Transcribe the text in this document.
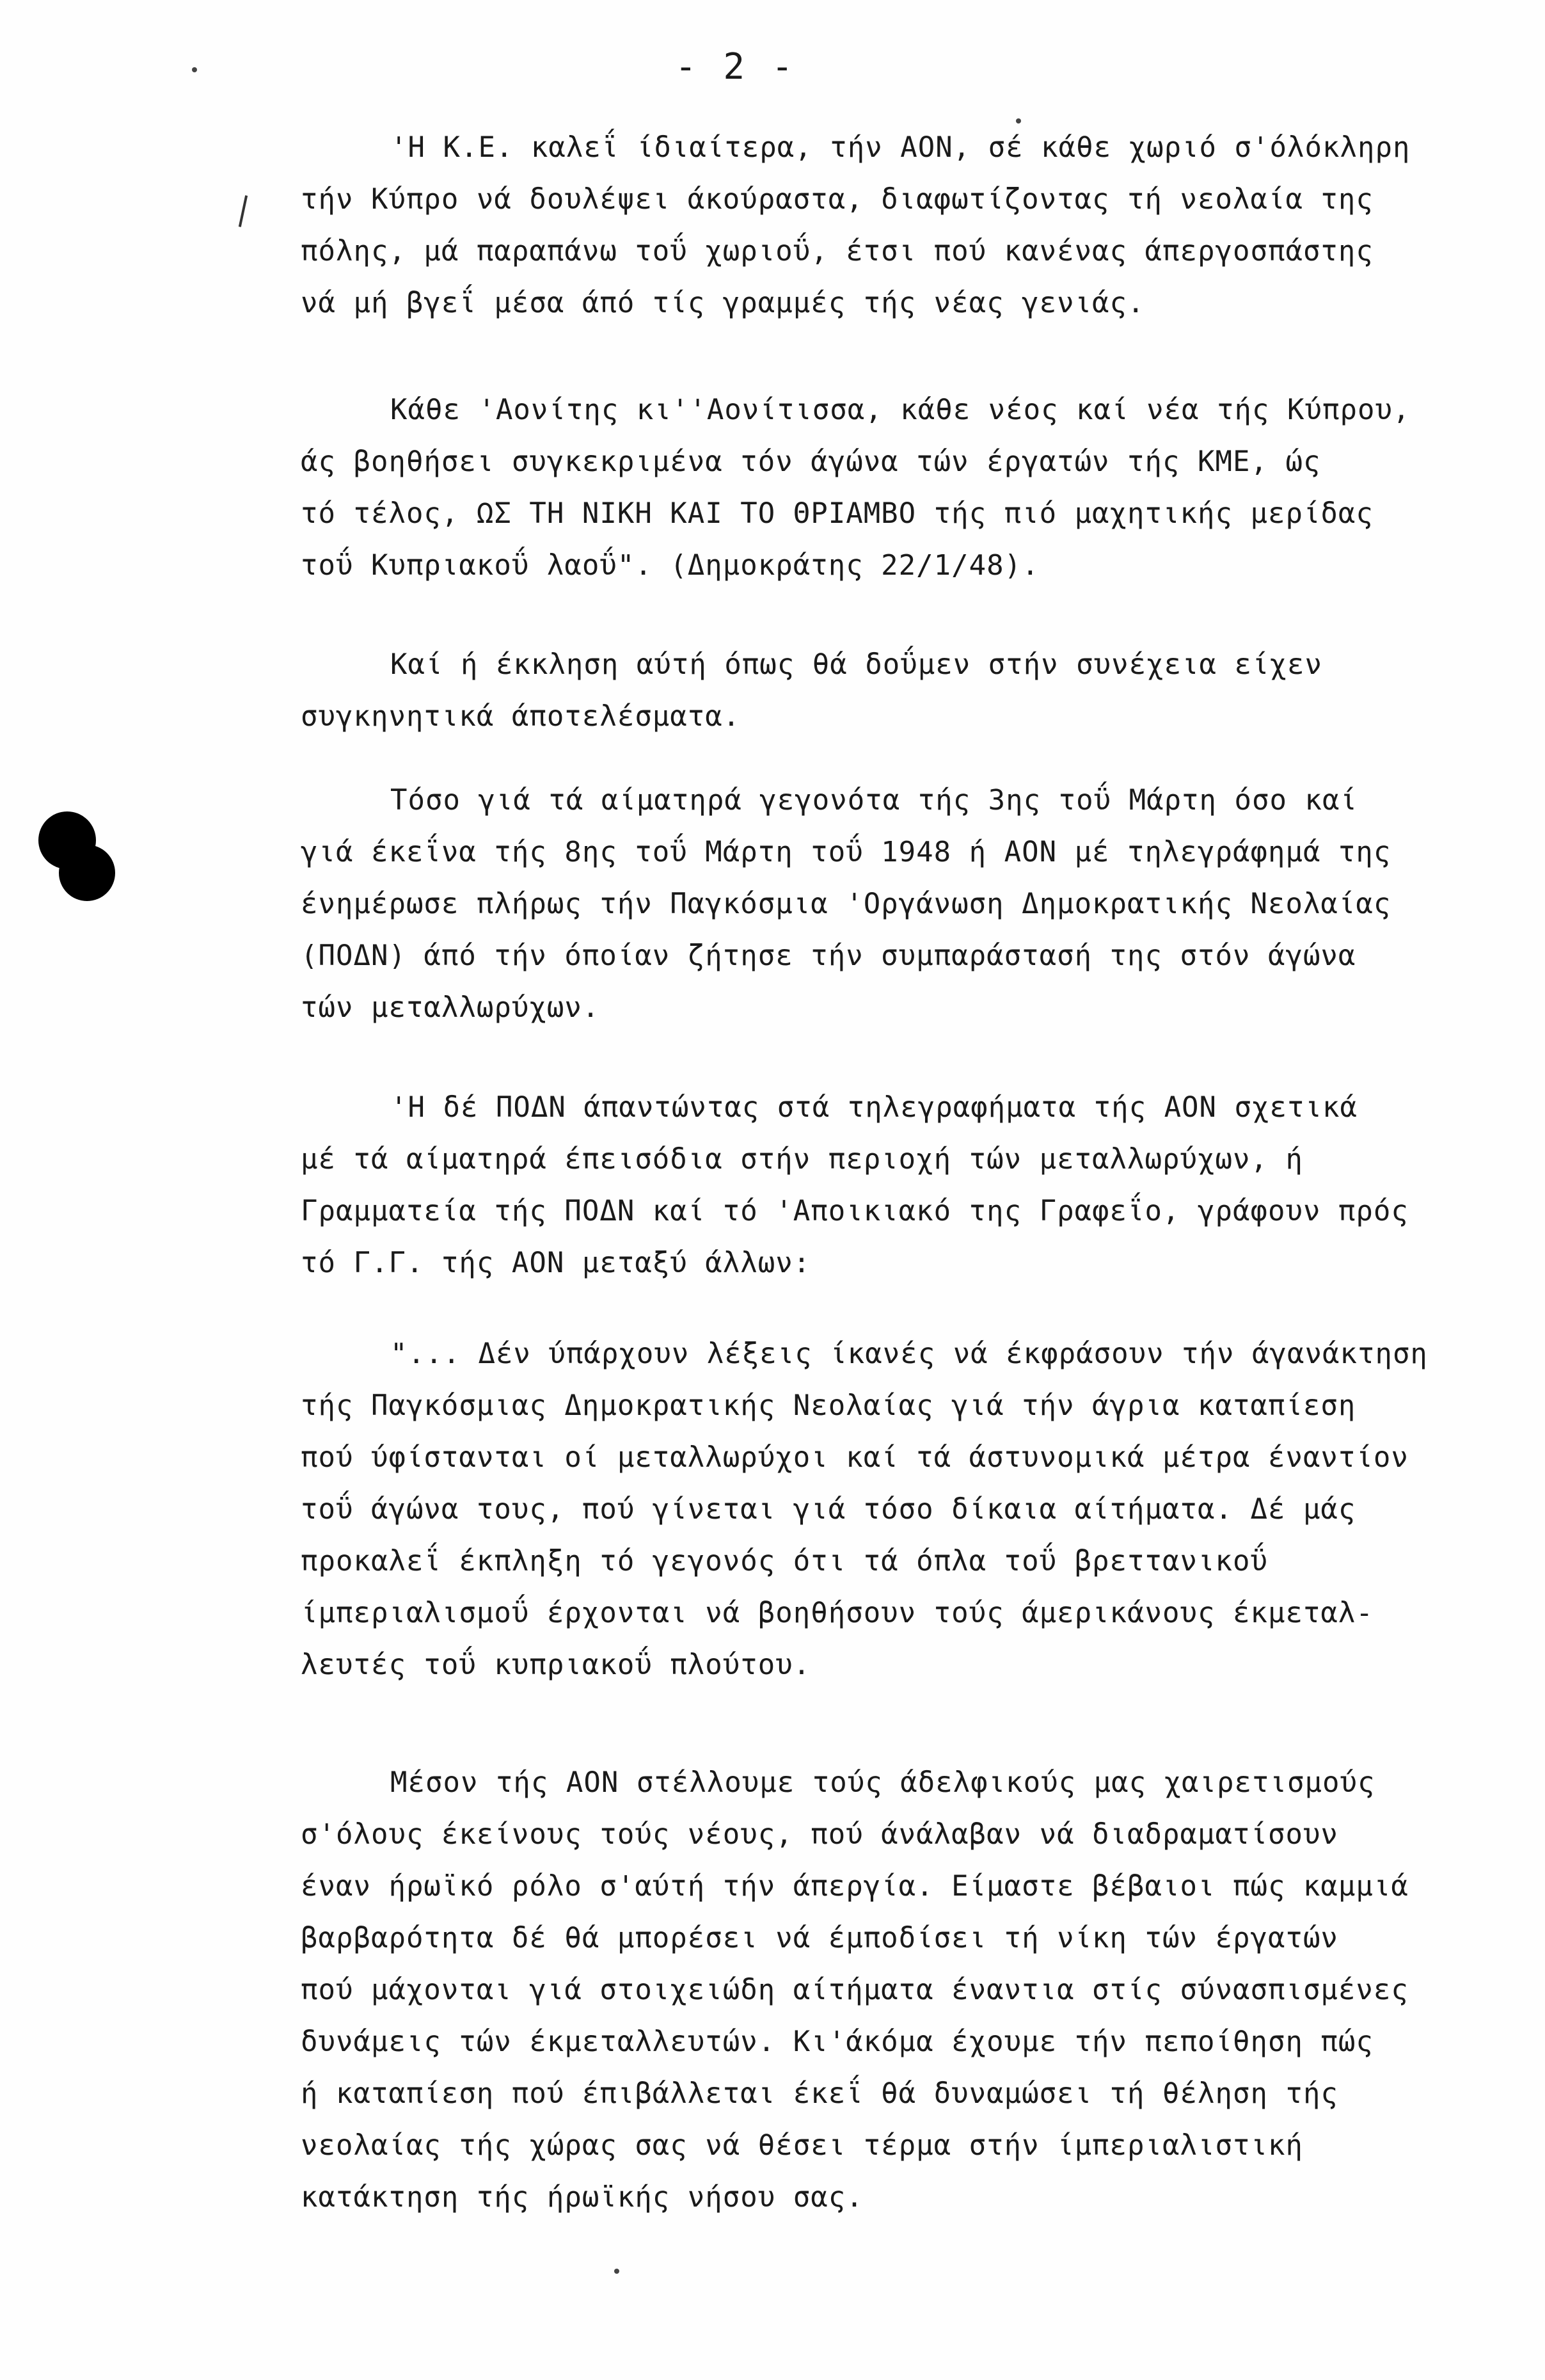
- 2 -
'Η Κ.Ε. καλεΐ ίδιαίτερα, τήν ΑΟΝ, σέ κάθε χωριό σ'όλόκληρη
τήν Κύπρο νά δουλέψει άκούραστα, διαφωτίζοντας τή νεολαία της
πόλης, μά παραπάνω τοΰ χωριοΰ, έτσι πού κανένας άπεργοσπάστης
νά μή βγεΐ μέσα άπό τίς γραμμές τής νέας γενιάς.
Κάθε 'Αονίτης κι''Αονίτισσα, κάθε νέος καί νέα τής Κύπρου,
άς βοηθήσει συγκεκριμένα τόν άγώνα τών έργατών τής ΚΜΕ, ώς
τό τέλος, ΩΣ ΤΗ ΝΙΚΗ ΚΑΙ ΤΟ ΘΡΙΑΜΒΟ τής πιό μαχητικής μερίδας
τοΰ Κυπριακοΰ λαοΰ". (Δημοκράτης 22/1/48).
Καί ή έκκληση αύτή όπως θά δοΰμεν στήν συνέχεια είχεν
συγκηνητικά άποτελέσματα.
Τόσο γιά τά αίματηρά γεγονότα τής 3ης τοΰ Μάρτη όσο καί
γιά έκεΐνα τής 8ης τοΰ Μάρτη τοΰ 1948 ή ΑΟΝ μέ τηλεγράφημά της
ένημέρωσε πλήρως τήν Παγκόσμια 'Οργάνωση Δημοκρατικής Νεολαίας
(ΠΟΔΝ) άπό τήν όποίαν ζήτησε τήν συμπαράστασή της στόν άγώνα
τών μεταλλωρύχων.
'Η δέ ΠΟΔΝ άπαντώντας στά τηλεγραφήματα τής ΑΟΝ σχετικά
μέ τά αίματηρά έπεισόδια στήν περιοχή τών μεταλλωρύχων, ή
Γραμματεία τής ΠΟΔΝ καί τό 'Αποικιακό της Γραφεΐο, γράφουν πρός
τό Γ.Γ. τής ΑΟΝ μεταξύ άλλων:
"... Δέν ύπάρχουν λέξεις ίκανές νά έκφράσουν τήν άγανάκτηση
τής Παγκόσμιας Δημοκρατικής Νεολαίας γιά τήν άγρια καταπίεση
πού ύφίστανται οί μεταλλωρύχοι καί τά άστυνομικά μέτρα έναντίον
τοΰ άγώνα τους, πού γίνεται γιά τόσο δίκαια αίτήματα. Δέ μάς
προκαλεΐ έκπληξη τό γεγονός ότι τά όπλα τοΰ βρεττανικοΰ
ίμπεριαλισμοΰ έρχονται νά βοηθήσουν τούς άμερικάνους έκμεταλ-
λευτές τοΰ κυπριακοΰ πλούτου.
Μέσον τής ΑΟΝ στέλλουμε τούς άδελφικούς μας χαιρετισμούς
σ'όλους έκείνους τούς νέους, πού άνάλαβαν νά διαδραματίσουν
έναν ήρωϊκό ρόλο σ'αύτή τήν άπεργία. Είμαστε βέβαιοι πώς καμμιά
βαρβαρότητα δέ θά μπορέσει νά έμποδίσει τή νίκη τών έργατών
πού μάχονται γιά στοιχειώδη αίτήματα έναντια στίς σύνασπισμένες
δυνάμεις τών έκμεταλλευτών. Κι'άκόμα έχουμε τήν πεποίθηση πώς
ή καταπίεση πού έπιβάλλεται έκεΐ θά δυναμώσει τή θέληση τής
νεολαίας τής χώρας σας νά θέσει τέρμα στήν ίμπεριαλιστική
κατάκτηση τής ήρωϊκής νήσου σας.
